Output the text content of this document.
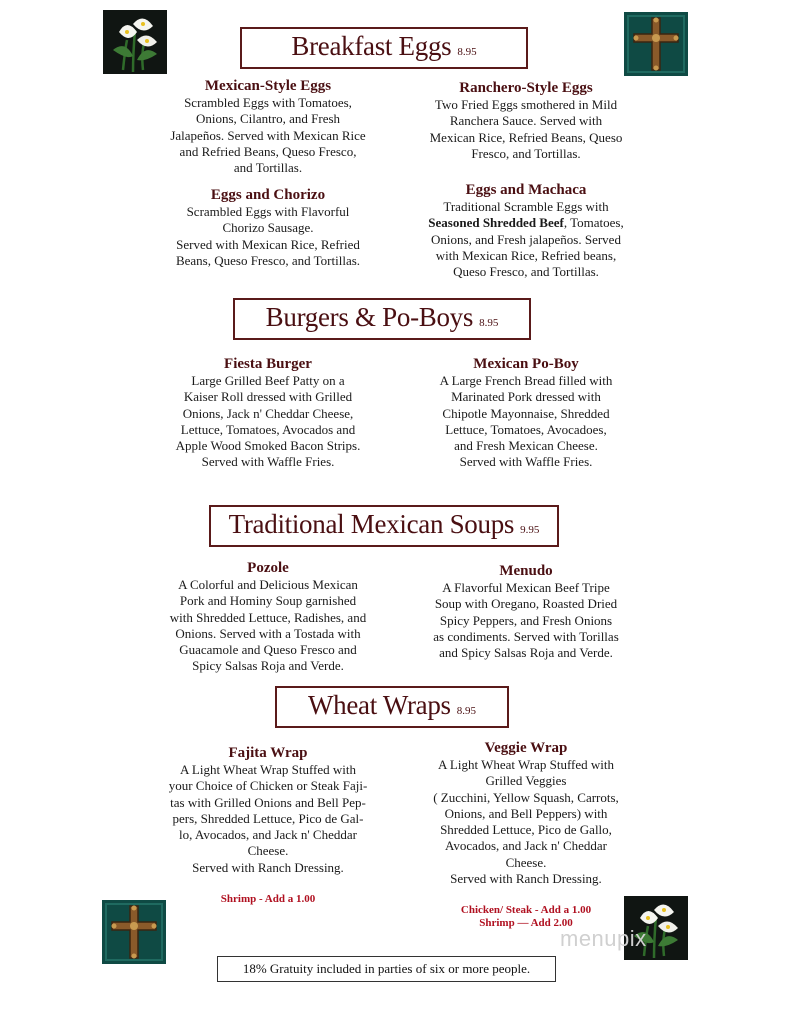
Breakfast Eggs 8.95
Mexican-Style Eggs
Scrambled Eggs with Tomatoes,
Onions, Cilantro, and Fresh
Jalapeños. Served with Mexican Rice
and Refried Beans, Queso Fresco,
and Tortillas.
Ranchero-Style Eggs
Two Fried Eggs smothered in Mild
Ranchera Sauce. Served with
Mexican Rice, Refried Beans, Queso
Fresco, and Tortillas.
Eggs and Chorizo
Scrambled Eggs with Flavorful
Chorizo Sausage.
Served with Mexican Rice, Refried
Beans, Queso Fresco, and Tortillas.
Eggs and Machaca
Traditional Scramble Eggs with
Seasoned Shredded Beef, Tomatoes,
Onions, and Fresh jalapeños. Served
with Mexican Rice, Refried beans,
Queso Fresco, and Tortillas.
Burgers & Po-Boys 8.95
Fiesta Burger
Large Grilled Beef Patty on a
Kaiser Roll dressed with Grilled
Onions, Jack n' Cheddar Cheese,
Lettuce, Tomatoes, Avocados and
Apple Wood Smoked Bacon Strips.
Served with Waffle Fries.
Mexican Po-Boy
A Large French Bread filled with
Marinated Pork dressed with
Chipotle Mayonnaise, Shredded
Lettuce, Tomatoes, Avocadoes,
and Fresh Mexican Cheese.
Served with Waffle Fries.
Traditional Mexican Soups 9.95
Pozole
A Colorful and Delicious Mexican
Pork and Hominy Soup garnished
with Shredded Lettuce, Radishes, and
Onions. Served with a Tostada with
Guacamole and Queso Fresco and
Spicy Salsas Roja and Verde.
Menudo
A Flavorful Mexican Beef Tripe
Soup with Oregano, Roasted Dried
Spicy Peppers, and Fresh Onions
as condiments. Served with Torillas
and Spicy Salsas Roja and Verde.
Wheat Wraps 8.95
Fajita Wrap
A Light Wheat Wrap Stuffed with
your Choice of Chicken or Steak Faji-
tas with Grilled Onions and Bell Pep-
pers, Shredded Lettuce, Pico de Gal-
lo, Avocados, and Jack n' Cheddar
Cheese.
Served with Ranch Dressing.
Veggie Wrap
A Light Wheat Wrap Stuffed with
Grilled Veggies
( Zucchini, Yellow Squash, Carrots,
Onions, and Bell Peppers) with
Shredded Lettuce, Pico de Gallo,
Avocados, and Jack n' Cheddar
Cheese.
Served with Ranch Dressing.
Shrimp - Add a 1.00
Chicken/ Steak - Add a 1.00
Shrimp — Add 2.00
menupix
18% Gratuity included in parties of six or more people.
